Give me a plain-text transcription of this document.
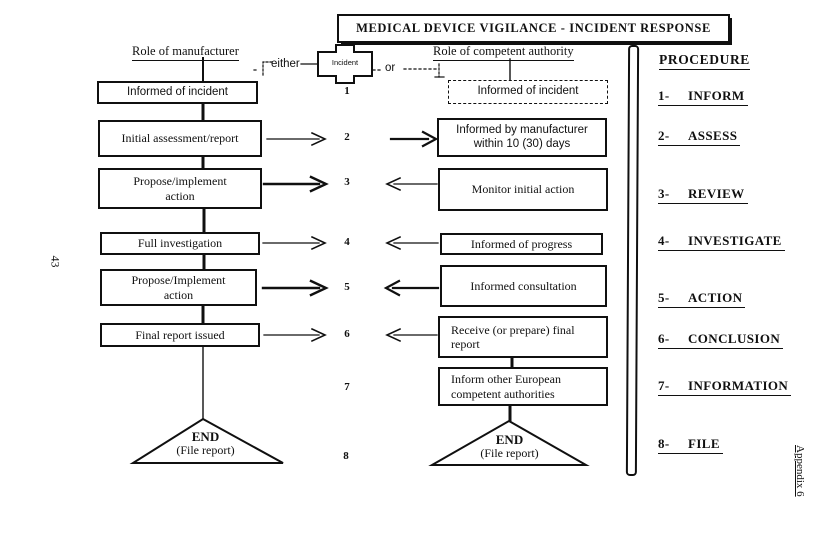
MEDICAL DEVICE VIGILANCE - INCIDENT RESPONSE
Role of manufacturer	Role of competent authority
either	Incident	or
Informed of incident
Initial assessment/report
Propose/implement action
Full investigation
Propose/Implement action
Final report issued
Informed of incident
Informed by manufacturer within 10 (30) days
Monitor initial action
Informed of progress
Informed consultation
Receive (or prepare) final report
Inform other European competent authorities
1
2
3
4
5
6
7
8
END
(File report)
END
(File report)
PROCEDURE
1- INFORM
2- ASSESS
3- REVIEW
4- INVESTIGATE
5- ACTION
6- CONCLUSION
7- INFORMATION
8- FILE
43
Appendix 6
